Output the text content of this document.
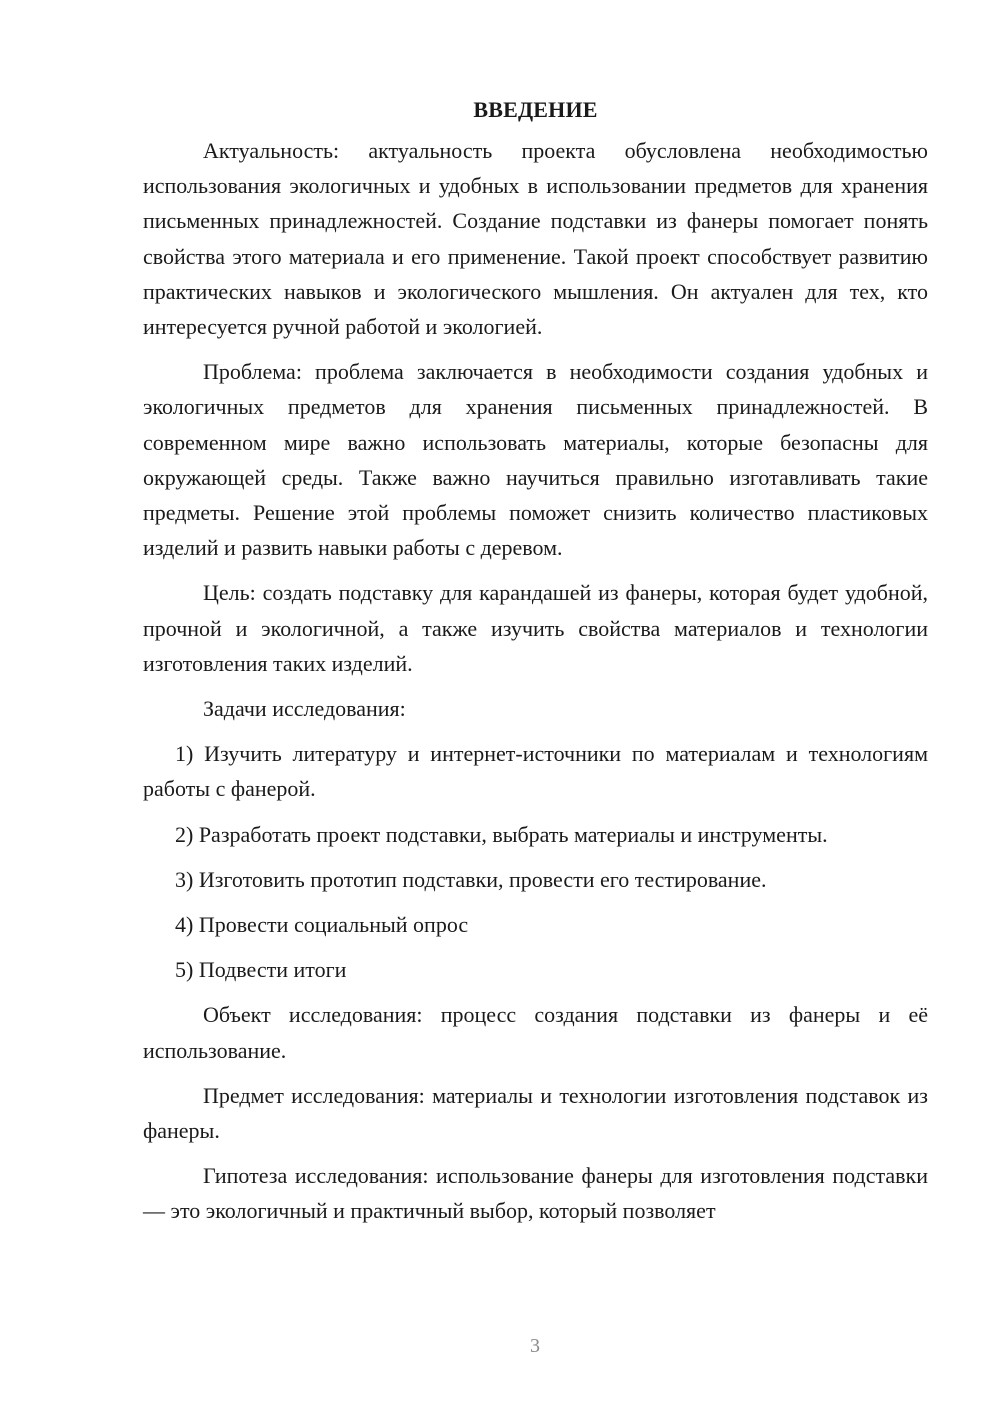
ВВЕДЕНИЕ

Актуальность: актуальность проекта обусловлена необходимостью использования экологичных и удобных в использовании предметов для хранения письменных принадлежностей. Создание подставки из фанеры помогает понять свойства этого материала и его применение. Такой проект способствует развитию практических навыков и экологического мышления. Он актуален для тех, кто интересуется ручной работой и экологией.

Проблема: проблема заключается в необходимости создания удобных и экологичных предметов для хранения письменных принадлежностей. В современном мире важно использовать материалы, которые безопасны для окружающей среды. Также важно научиться правильно изготавливать такие предметы. Решение этой проблемы поможет снизить количество пластиковых изделий и развить навыки работы с деревом.

Цель: создать подставку для карандашей из фанеры, которая будет удобной, прочной и экологичной, а также изучить свойства материалов и технологии изготовления таких изделий.

Задачи исследования:

1) Изучить литературу и интернет-источники по материалам и технологиям работы с фанерой.

2) Разработать проект подставки, выбрать материалы и инструменты.

3) Изготовить прототип подставки, провести его тестирование.

4) Провести социальный опрос

5) Подвести итоги

Объект исследования: процесс создания подставки из фанеры и её использование.

Предмет исследования: материалы и технологии изготовления подставок из фанеры.

Гипотеза исследования: использование фанеры для изготовления подставки — это экологичный и практичный выбор, который позволяет

3
